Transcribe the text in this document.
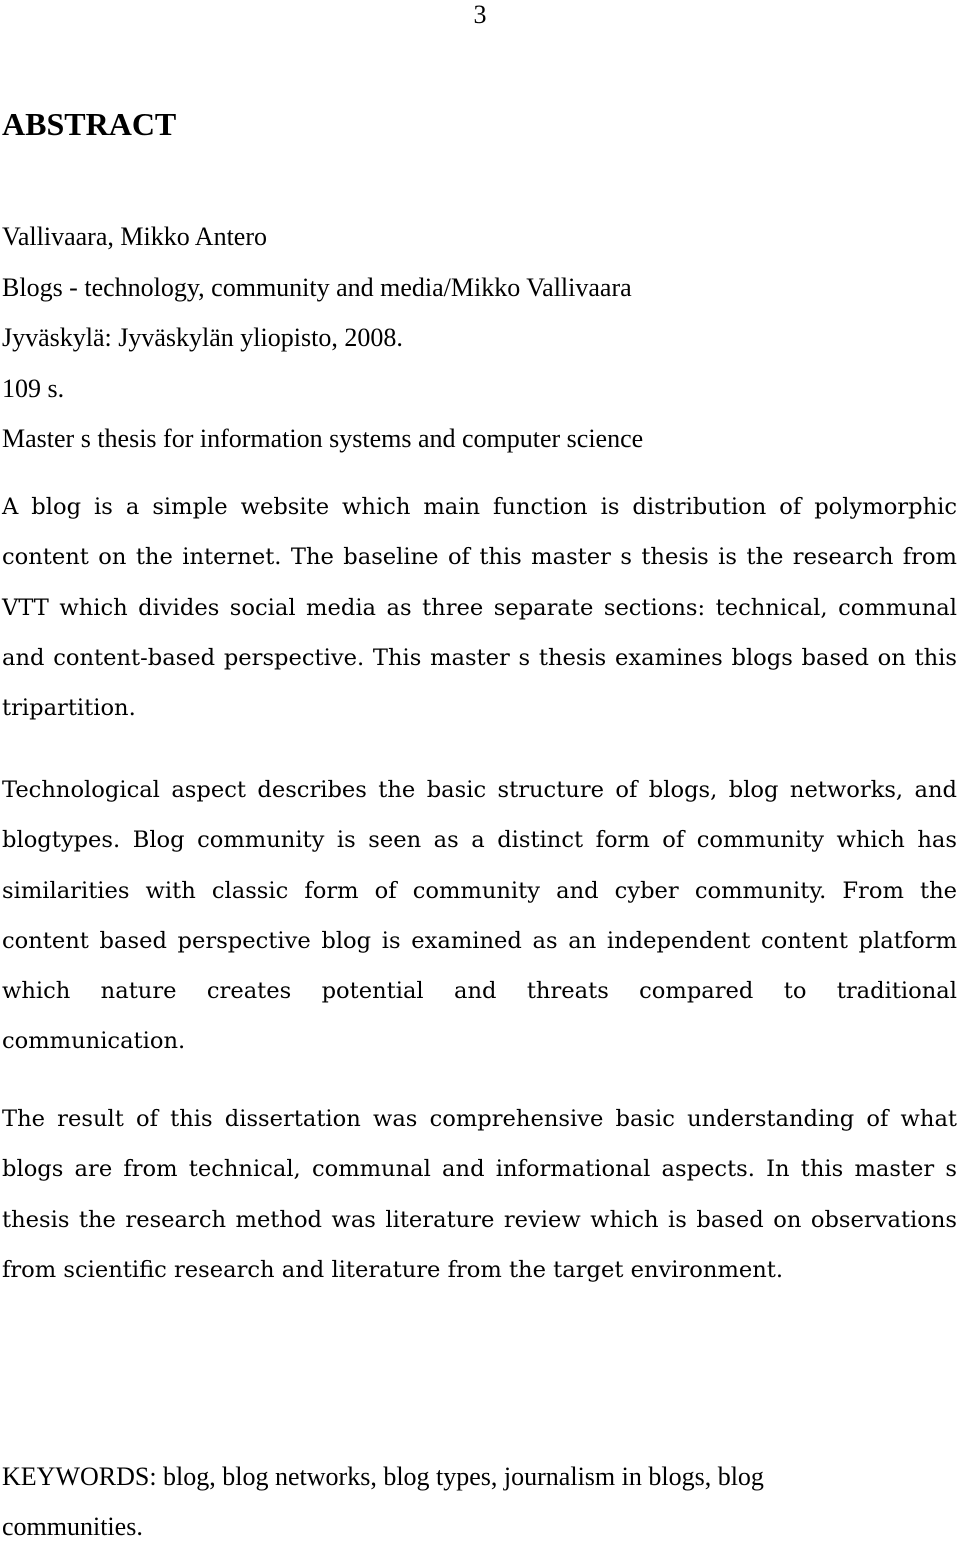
3
ABSTRACT
Vallivaara, Mikko Antero
Blogs - technology, community and media/Mikko Vallivaara
Jyväskylä: Jyväskylän yliopisto, 2008.
109 s.
Master s thesis for information systems and computer science

A blog is a simple website which main function is distribution of polymorphic content on the internet. The baseline of this master s thesis is the research from VTT which divides social media as three separate sections: technical, communal and content-based perspective. This master s thesis examines blogs based on this tripartition.

Technological aspect describes the basic structure of blogs, blog networks, and blogtypes. Blog community is seen as a distinct form of community which has similarities with classic form of community and cyber community. From the content based perspective blog is examined as an independent content platform which nature creates potential and threats compared to traditional communication.

The result of this dissertation was comprehensive basic understanding of what blogs are from technical, communal and informational aspects. In this master s thesis the research method was literature review which is based on observations from scientific research and literature from the target environment.

KEYWORDS: blog, blog networks, blog types, journalism in blogs, blog communities.
